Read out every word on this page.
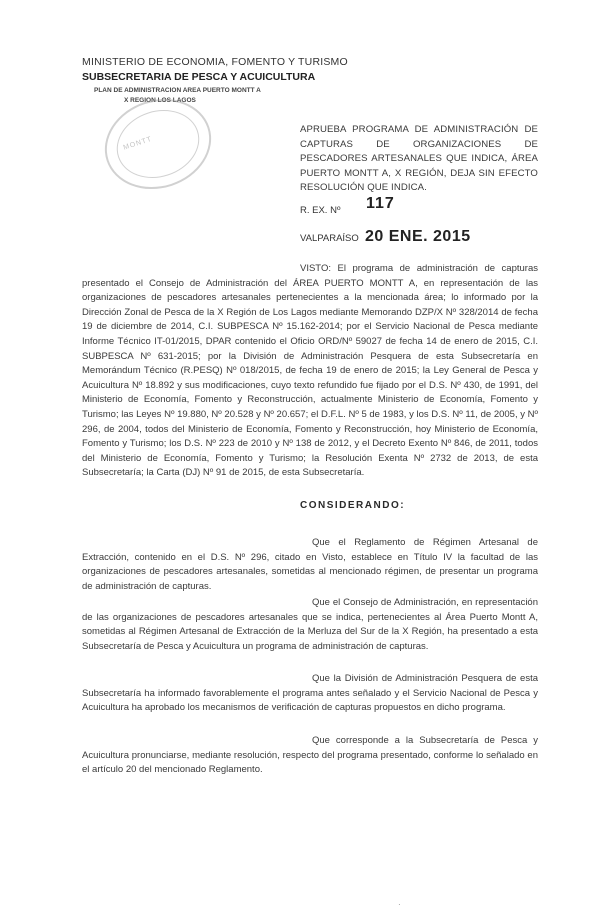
MINISTERIO DE ECONOMIA, FOMENTO Y TURISMO
SUBSECRETARIA DE PESCA Y ACUICULTURA
PLAN DE ADMINISTRACION AREA PUERTO MONTT A
X REGION LOS LAGOS
MONTT
APRUEBA PROGRAMA DE ADMINISTRACIÓN DE CAPTURAS DE ORGANIZACIONES DE PESCADORES ARTESANALES QUE INDICA, ÁREA PUERTO MONTT A, X REGIÓN, DEJA SIN EFECTO RESOLUCIÓN QUE INDICA.
R. EX. Nº 117
VALPARAÍSO 20 ENE. 2015
VISTO: El programa de administración de capturas presentado el Consejo de Administración del ÁREA PUERTO MONTT A, en representación de las organizaciones de pescadores artesanales pertenecientes a la mencionada área; lo informado por la Dirección Zonal de Pesca de la X Región de Los Lagos mediante Memorando DZP/X Nº 328/2014 de fecha 19 de diciembre de 2014, C.I. SUBPESCA Nº 15.162-2014; por el Servicio Nacional de Pesca mediante Informe Técnico IT-01/2015, DPAR contenido el Oficio ORD/Nº 59027 de fecha 14 de enero de 2015, C.I. SUBPESCA Nº 631-2015; por la División de Administración Pesquera de esta Subsecretaría en Memorándum Técnico (R.PESQ) Nº 018/2015, de fecha 19 de enero de 2015; la Ley General de Pesca y Acuicultura Nº 18.892 y sus modificaciones, cuyo texto refundido fue fijado por el D.S. Nº 430, de 1991, del Ministerio de Economía, Fomento y Reconstrucción, actualmente Ministerio de Economía, Fomento y Turismo; las Leyes Nº 19.880, Nº 20.528 y Nº 20.657; el D.F.L. Nº 5 de 1983, y los D.S. Nº 11, de 2005, y Nº 296, de 2004, todos del Ministerio de Economía, Fomento y Reconstrucción, hoy Ministerio de Economía, Fomento y Turismo; los D.S. Nº 223 de 2010 y Nº 138 de 2012, y el Decreto Exento Nº 846, de 2011, todos del Ministerio de Economía, Fomento y Turismo; la Resolución Exenta Nº 2732 de 2013, de esta Subsecretaría; la Carta (DJ) Nº 91 de 2015, de esta Subsecretaría.
CONSIDERANDO:
Que el Reglamento de Régimen Artesanal de Extracción, contenido en el D.S. Nº 296, citado en Visto, establece en Título IV la facultad de las organizaciones de pescadores artesanales, sometidas al mencionado régimen, de presentar un programa de administración de capturas.
Que el Consejo de Administración, en representación de las organizaciones de pescadores artesanales que se indica, pertenecientes al Área Puerto Montt A, sometidas al Régimen Artesanal de Extracción de la Merluza del Sur de la X Región, ha presentado a esta Subsecretaría de Pesca y Acuicultura un programa de administración de capturas.
Que la División de Administración Pesquera de esta Subsecretaría ha informado favorablemente el programa antes señalado y el Servicio Nacional de Pesca y Acuicultura ha aprobado los mecanismos de verificación de capturas propuestos en dicho programa.
Que corresponde a la Subsecretaría de Pesca y Acuicultura pronunciarse, mediante resolución, respecto del programa presentado, conforme lo señalado en el artículo 20 del mencionado Reglamento.
·
